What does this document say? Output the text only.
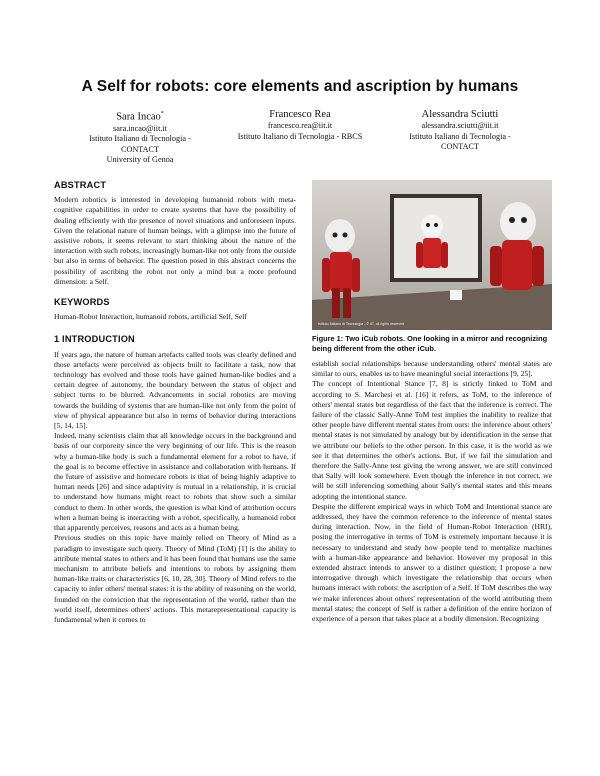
A Self for robots: core elements and ascription by humans
Sara Incao*
sara.incao@iit.it
Istituto Italiano di Tecnologia -
CONTACT
University of Genoa
Francesco Rea
francesco.rea@iit.it
Istituto Italiano di Tecnologia - RBCS
Alessandra Sciutti
alessandra.sciutti@iit.it
Istituto Italiano di Tecnologia -
CONTACT
ABSTRACT

Modern robotics is interested in developing humanoid robots with meta-cognitive capabilities in order to create systems that have the possibility of dealing efficiently with the presence of novel situations and unforeseen inputs. Given the relational nature of human beings, with a glimpse into the future of assistive robots, it seems relevant to start thinking about the nature of the interaction with such robots, increasingly human-like not only from the outside but also in terms of behavior. The question posed in this abstract concerns the possibility of ascribing the robot not only a mind but a more profound dimension: a Self.

KEYWORDS

Human-Robot Interaction, humanoid robots, artificial Self, Self

1 INTRODUCTION

If years ago, the nature of human artefacts called tools was clearly defined and those artefacts were perceived as objects built to facilitate a task, now that technology has evolved and those tools have gained human-like bodies and a certain degree of autonomy, the boundary between the status of object and subject turns to be blurred. Advancements in social robotics are moving towards the building of systems that are human-like not only from the point of view of physical appearance but also in terms of behavior during interactions [5, 14, 15].

Indeed, many scientists claim that all knowledge occurs in the background and basis of our corporeity since the very beginning of our life. This is the reason why a human-like body is such a fundamental element for a robot to have, if the goal is to become effective in assistance and collaboration with humans. If the future of assistive and homecare robots is that of being highly adaptive to human needs [26] and since adaptivity is mutual in a relationship, it is crucial to understand how humans might react to robots that show such a similar conduct to them. In other words, the question is what kind of attribution occurs when a human being is interacting with a robot, specifically, a humanoid robot that apparently perceives, reasons and acts as a human being.

Previous studies on this topic have mainly relied on Theory of Mind as a paradigm to investigate such query. Theory of Mind (ToM) [1] is the ability to attribute mental states to others and it has been found that humans use the same mechanism to attribute beliefs and intentions to robots by assigning them human-like traits or characteristics [6, 10, 28, 30]. Theory of Mind refers to the capacity to infer others' mental states: it is the ability of reasoning on the world, founded on the conviction that the representation of the world, rather than the world itself, determines others' actions. This metarepresentational capacity is fundamental when it comes to

Istituto Italiano di Tecnologia - © IIT, all rights reserved
Figure 1: Two iCub robots. One looking in a mirror and recognizing being different from the other iCub.

establish social relationships because understanding others' mental states are similar to ours, enables us to have meaningful social interactions [9, 25].

The concept of Intentional Stance [7, 8] is strictly linked to ToM and according to S. Marchesi et al. [16] it refers, as ToM, to the inference of others' mental states but regardless of the fact that the inference is correct. The failure of the classic Sally-Anne ToM test implies the inability to realize that other people have different mental states from ours: the inference about others' mental states is not simulated by analogy but by identification in the sense that we attribute our beliefs to the other person. In this case, it is the world as we see it that determines the other's actions. But, if we fail the simulation and therefore the Sally-Anne test giving the wrong answer, we are still convinced that Sally will look somewhere. Even though the inference in not correct, we will be still inferencing something about Sally's mental states and this means adopting the intentional stance.

Despite the different empirical ways in which ToM and Intentional stance are addressed, they have the common reference to the inference of mental states during interaction. Now, in the field of Human-Robot Interaction (HRI), posing the interrogative in terms of ToM is extremely important because it is necessary to understand and study how people tend to mentalize machines with a human-like appearance and behavior. However my proposal in this extended abstract intends to answer to a distinct question; I propose a new interrogative through which investigate the relationship that occurs when humans interact with robots: the ascription of a Self. If ToM describes the way we make inferences about others' representation of the world attributing them mental states; the concept of Self is rather a definition of the entire horizon of experience of a person that takes place at a bodily dimension. Recognizing
